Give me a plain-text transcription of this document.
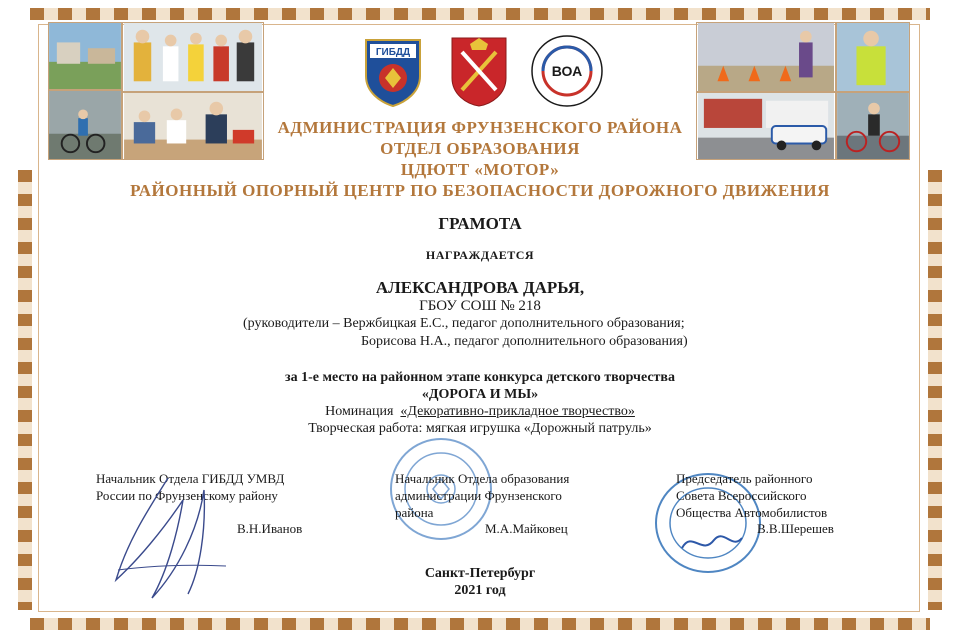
ГИБДД
ВОА
АДМИНИСТРАЦИЯ ФРУНЗЕНСКОГО РАЙОНА
ОТДЕЛ ОБРАЗОВАНИЯ
ЦДЮТТ «МОТОР»
РАЙОННЫЙ ОПОРНЫЙ ЦЕНТР ПО БЕЗОПАСНОСТИ ДОРОЖНОГО ДВИЖЕНИЯ
ГРАМОТА
НАГРАЖДАЕТСЯ
АЛЕКСАНДРОВА ДАРЬЯ,
ГБОУ СОШ № 218
(руководители – Вержбицкая Е.С., педагог дополнительного образования;
Борисова Н.А., педагог дополнительного образования)
за 1-е место на районном этапе конкурса детского творчества
«ДОРОГА И МЫ»
Номинация «Декоративно-прикладное творчество»
Творческая работа: мягкая игрушка «Дорожный патруль»
Начальник Отдела ГИБДД УМВД
России по Фрунзенскому району
В.Н.Иванов
Начальник Отдела образования
администрации Фрунзенского
района
М.А.Майковец
Председатель районного
Совета Всероссийского
Общества Автомобилистов
В.В.Шерешев
Санкт-Петербург
2021 год
